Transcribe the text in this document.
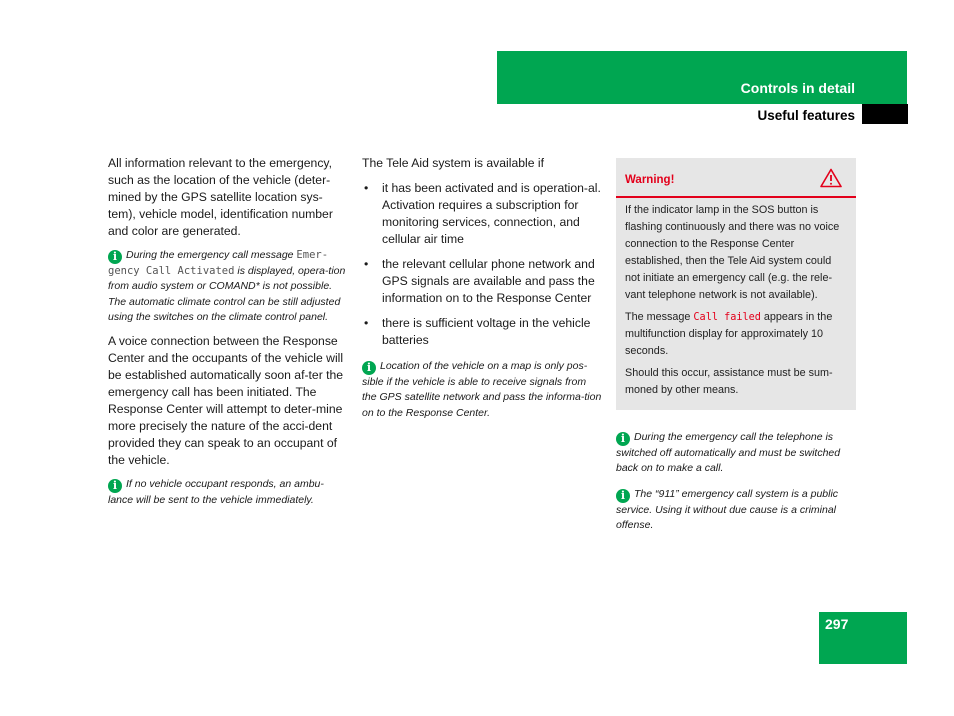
Controls in detail
Useful features

All information relevant to the emergency, such as the location of the vehicle (deter-mined by the GPS satellite location sys-tem), vehicle model, identification number and color are generated.

i During the emergency call message Emer-gency Call Activated is displayed, opera-tion from audio system or COMAND* is not possible. The automatic climate control can be still adjusted using the switches on the climate control panel.

A voice connection between the Response Center and the occupants of the vehicle will be established automatically soon af-ter the emergency call has been initiated. The Response Center will attempt to deter-mine more precisely the nature of the acci-dent provided they can speak to an occupant of the vehicle.

i If no vehicle occupant responds, an ambu-lance will be sent to the vehicle immediately.

The Tele Aid system is available if

• it has been activated and is operation-al. Activation requires a subscription for monitoring services, connection, and cellular air time
• the relevant cellular phone network and GPS signals are available and pass the information on to the Response Center
• there is sufficient voltage in the vehicle batteries

i Location of the vehicle on a map is only pos-sible if the vehicle is able to receive signals from the GPS satellite network and pass the informa-tion on to the Response Center.

Warning!

If the indicator lamp in the SOS button is flashing continuously and there was no voice connection to the Response Center established, then the Tele Aid system could not initiate an emergency call (e.g. the rele-vant telephone network is not available).

The message Call failed appears in the multifunction display for approximately 10 seconds.

Should this occur, assistance must be sum-moned by other means.

i During the emergency call the telephone is switched off automatically and must be switched back on to make a call.

i The “911” emergency call system is a public service. Using it without due cause is a criminal offense.

297
